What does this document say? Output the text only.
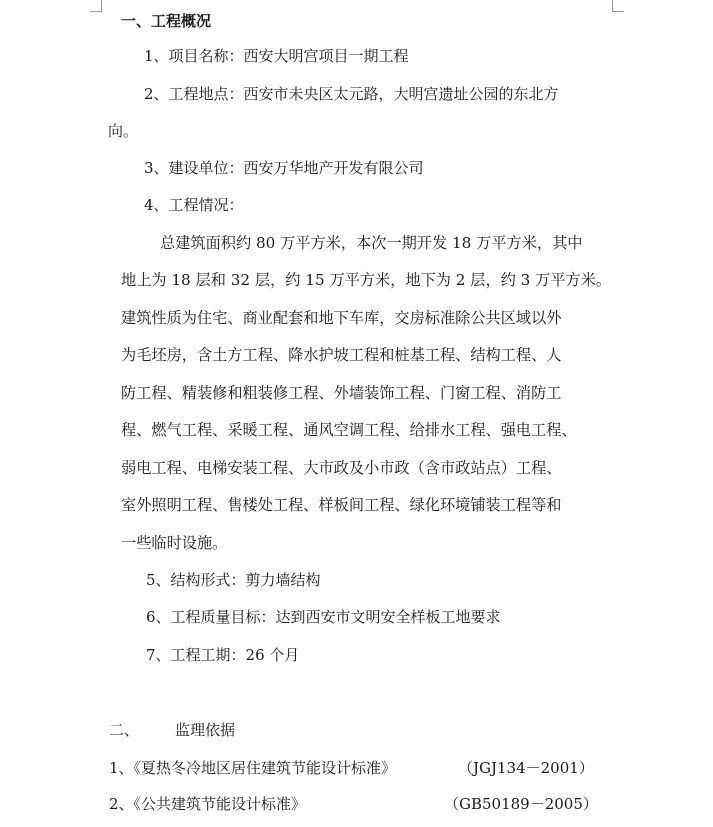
一、工程概况
1、项目名称：西安大明宫项目一期工程
2、工程地点：西安市未央区太元路，大明宫遗址公园的东北方
向。
3、建设单位：西安万华地产开发有限公司
4、工程情况：
总建筑面积约 80 万平方米，本次一期开发 18 万平方米，其中
地上为 18 层和 32 层，约 15 万平方米，地下为 2 层，约 3 万平方米。
建筑性质为住宅、商业配套和地下车库，交房标准除公共区域以外
为毛坯房，含土方工程、降水护坡工程和桩基工程、结构工程、人
防工程、精装修和粗装修工程、外墙装饰工程、门窗工程、消防工
程、燃气工程、采暖工程、通风空调工程、给排水工程、强电工程、
弱电工程、电梯安装工程、大市政及小市政（含市政站点）工程、
室外照明工程、售楼处工程、样板间工程、绿化环境铺装工程等和
一些临时设施。
5、结构形式：剪力墙结构
6、工程质量目标：达到西安市文明安全样板工地要求
7、工程工期：26 个月
二、 监理依据
1、《夏热冬冷地区居住建筑节能设计标准》	（JGJ134－2001）
2、《公共建筑节能设计标准》	（GB50189－2005）
